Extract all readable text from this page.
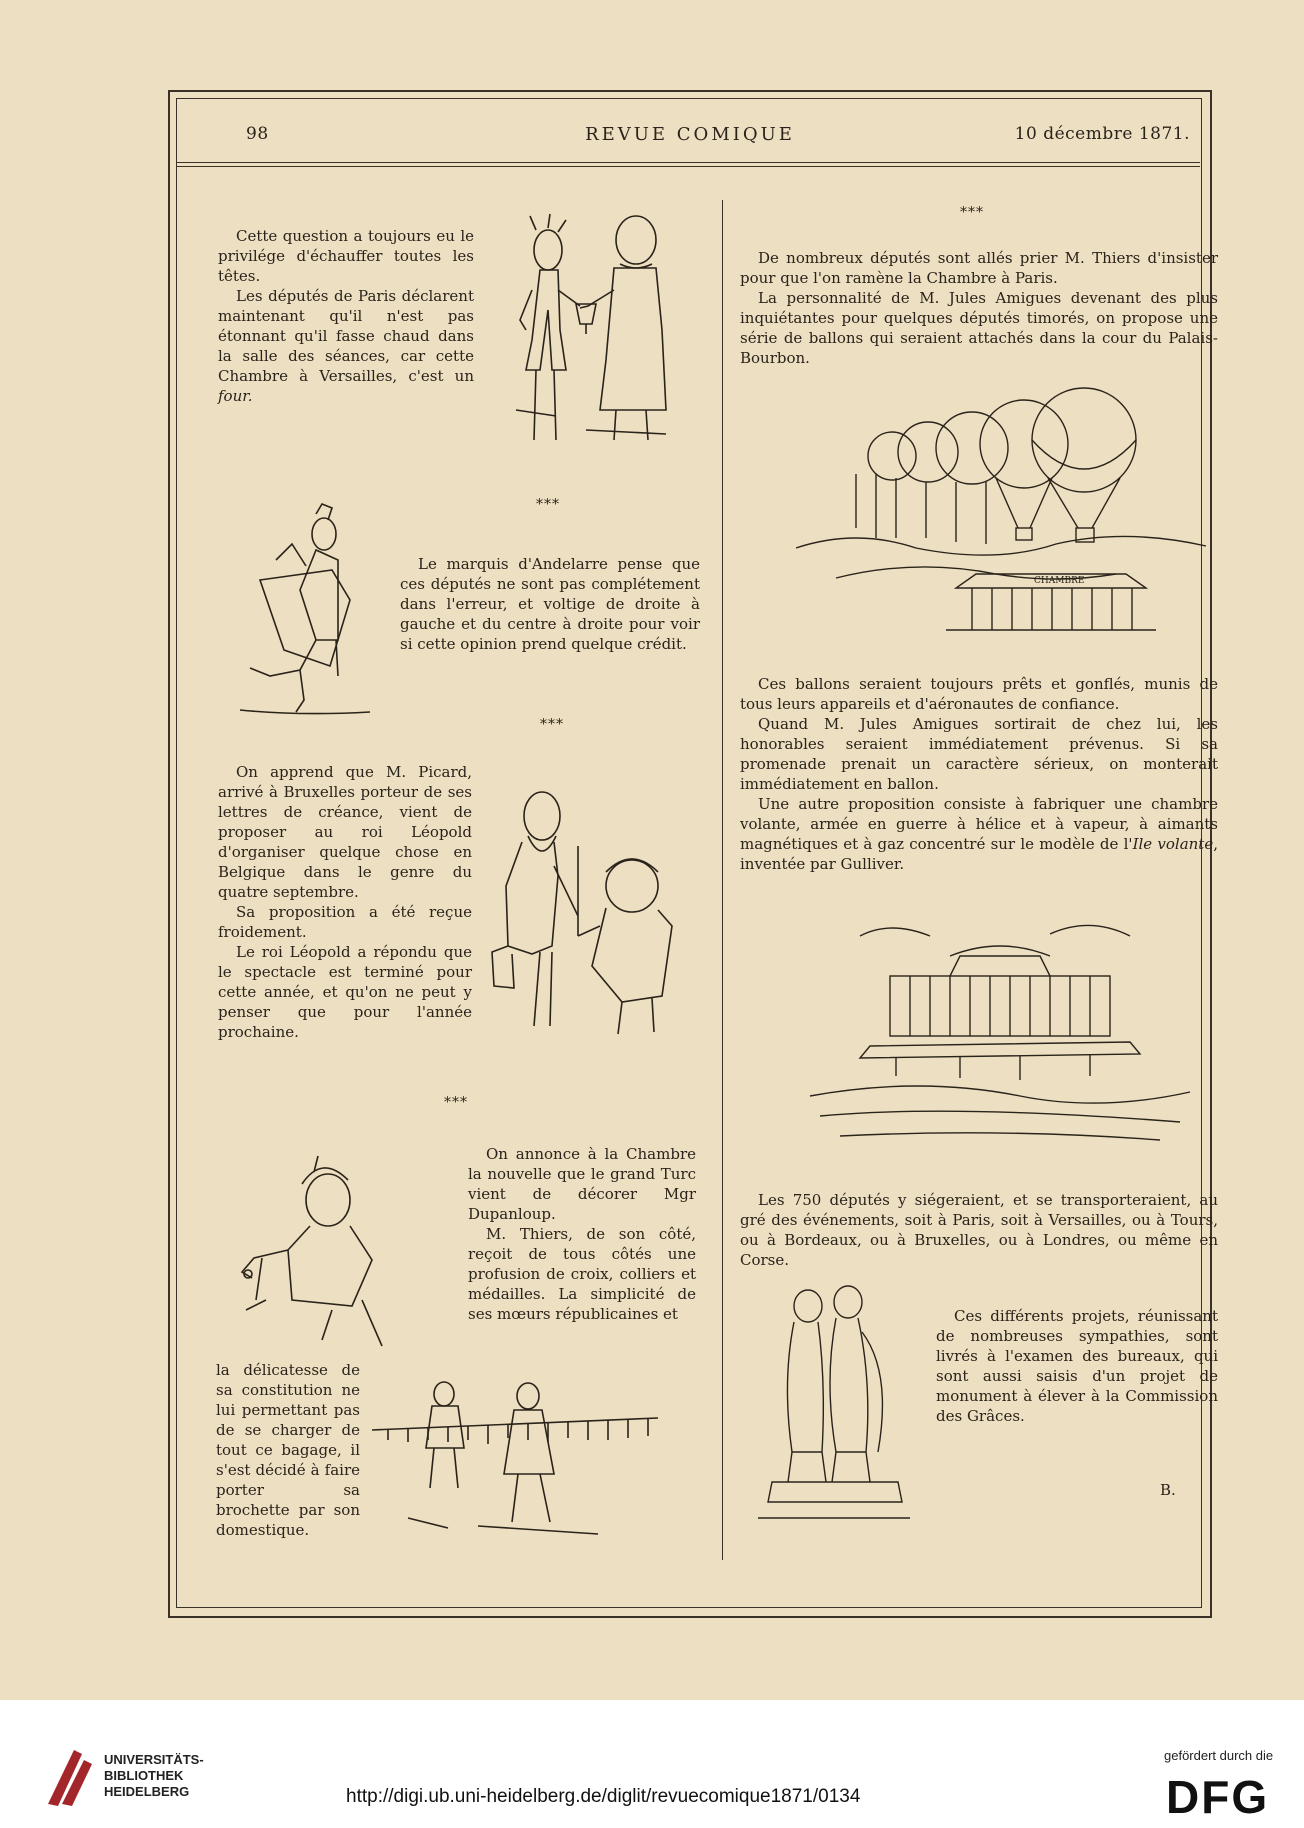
98	REVUE COMIQUE	10 décembre 1871.

Cette question a toujours eu le privilége d'échauffer toutes les têtes.

Les députés de Paris déclarent maintenant qu'il n'est pas étonnant qu'il fasse chaud dans la salle des séances, car cette Chambre à Versailles, c'est un four.

⁎⁎⁎

Le marquis d'Andelarre pense que ces députés ne sont pas complétement dans l'erreur, et voltige de droite à gauche et du centre à droite pour voir si cette opinion prend quelque crédit.

⁎⁎⁎

On apprend que M. Picard, arrivé à Bruxelles porteur de ses lettres de créance, vient de proposer au roi Léopold d'organiser quelque chose en Belgique dans le genre du quatre septembre.

Sa proposition a été reçue froidement.

Le roi Léopold a répondu que le spectacle est terminé pour cette année, et qu'on ne peut y penser que pour l'année prochaine.

⁎⁎⁎

On annonce à la Chambre la nouvelle que le grand Turc vient de décorer Mgr Dupanloup.

M. Thiers, de son côté, reçoit de tous côtés une profusion de croix, colliers et médailles. La simplicité de ses mœurs républicaines et

la délicatesse de sa constitution ne lui permettant pas de se charger de tout ce bagage, il s'est décidé à faire porter sa brochette par son domestique.

⁎⁎⁎

De nombreux députés sont allés prier M. Thiers d'insister pour que l'on ramène la Chambre à Paris.

La personnalité de M. Jules Amigues devenant des plus inquiétantes pour quelques députés timorés, on propose une série de ballons qui seraient attachés dans la cour du Palais-Bourbon.

CHAMBRE

Ces ballons seraient toujours prêts et gonflés, munis de tous leurs appareils et d'aéronautes de confiance.

Quand M. Jules Amigues sortirait de chez lui, les honorables seraient immédiatement prévenus. Si sa promenade prenait un caractère sérieux, on monterait immédiatement en ballon.

Une autre proposition consiste à fabriquer une chambre volante, armée en guerre à hélice et à vapeur, à aimants magnétiques et à gaz concentré sur le modèle de l'Ile volante, inventée par Gulliver.

Les 750 députés y siégeraient, et se transporteraient, au gré des événements, soit à Paris, soit à Versailles, ou à Tours, ou à Bordeaux, ou à Bruxelles, ou à Londres, ou même en Corse.

Ces différents projets, réunissant de nombreuses sympathies, sont livrés à l'examen des bureaux, qui sont aussi saisis d'un projet de monument à élever à la Commission des Grâces.

B.
UNIVERSITÄTS-
BIBLIOTHEK
HEIDELBERG	http://digi.ub.uni-heidelberg.de/diglit/revuecomique1871/0134
gefördert durch die
DFG
